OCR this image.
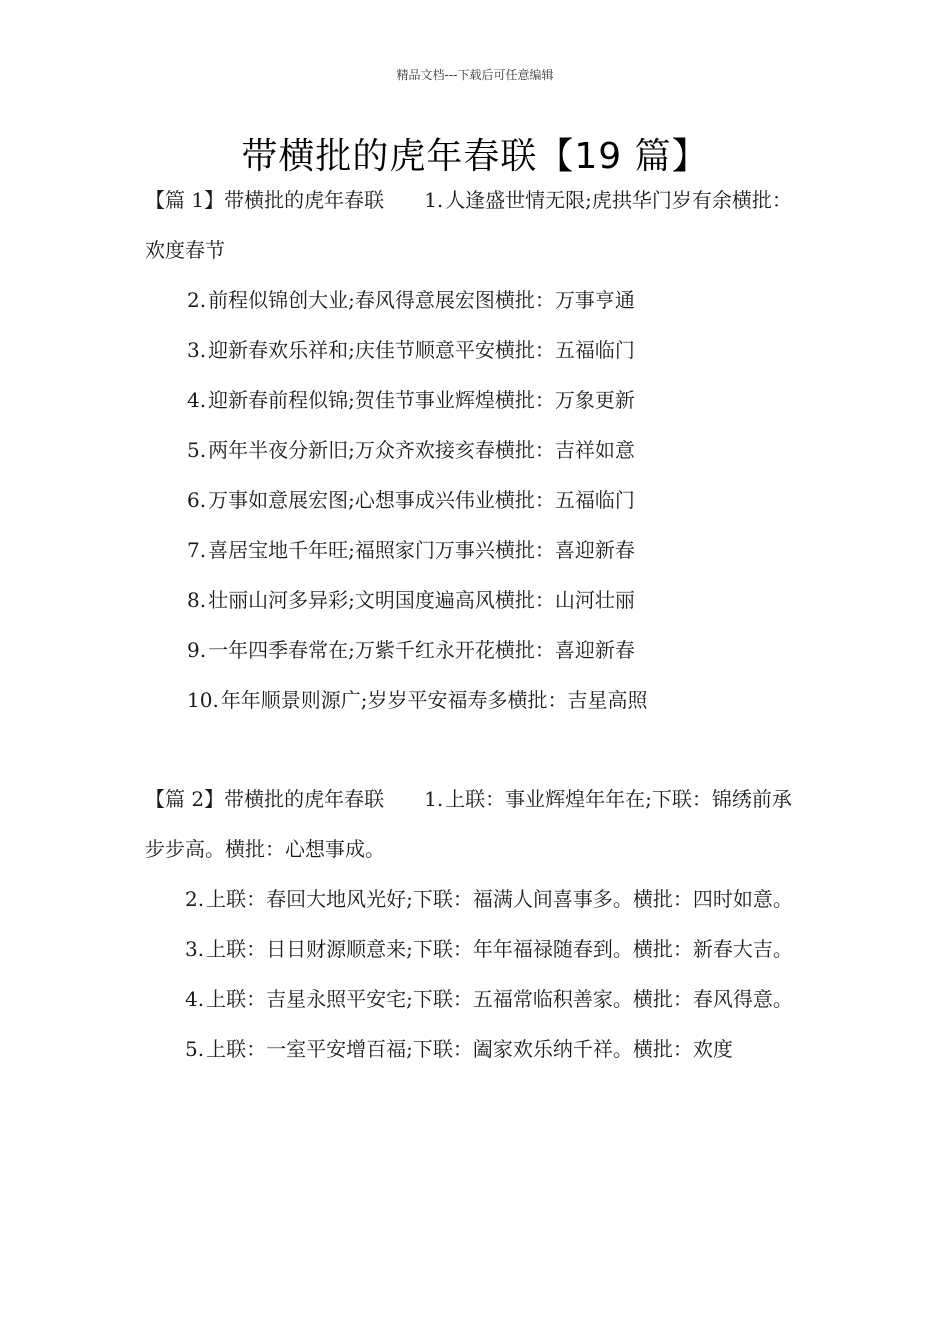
精品文档---下载后可任意编辑
带横批的虎年春联【19 篇】

【篇 1】带横批的虎年春联   1. 人逢盛世情无限;虎拱华门岁有余横批：欢度春节

2. 前程似锦创大业;春风得意展宏图横批：万事亨通

3. 迎新春欢乐祥和;庆佳节顺意平安横批：五福临门

4. 迎新春前程似锦;贺佳节事业辉煌横批：万象更新

5. 两年半夜分新旧;万众齐欢接亥春横批：吉祥如意

6. 万事如意展宏图;心想事成兴伟业横批：五福临门

7. 喜居宝地千年旺;福照家门万事兴横批：喜迎新春

8. 壮丽山河多异彩;文明国度遍高风横批：山河壮丽

9. 一年四季春常在;万紫千红永开花横批：喜迎新春

10. 年年顺景则源广;岁岁平安福寿多横批：吉星高照

【篇 2】带横批的虎年春联   1. 上联：事业辉煌年年在;下联：锦绣前承步步高。横批：心想事成。

  2. 上联：春回大地风光好;下联：福满人间喜事多。横批：四时如意。

  3. 上联：日日财源顺意来;下联：年年福禄随春到。横批：新春大吉。

  4. 上联：吉星永照平安宅;下联：五福常临积善家。横批：春风得意。

  5. 上联：一室平安增百福;下联：阖家欢乐纳千祥。横批：欢度
